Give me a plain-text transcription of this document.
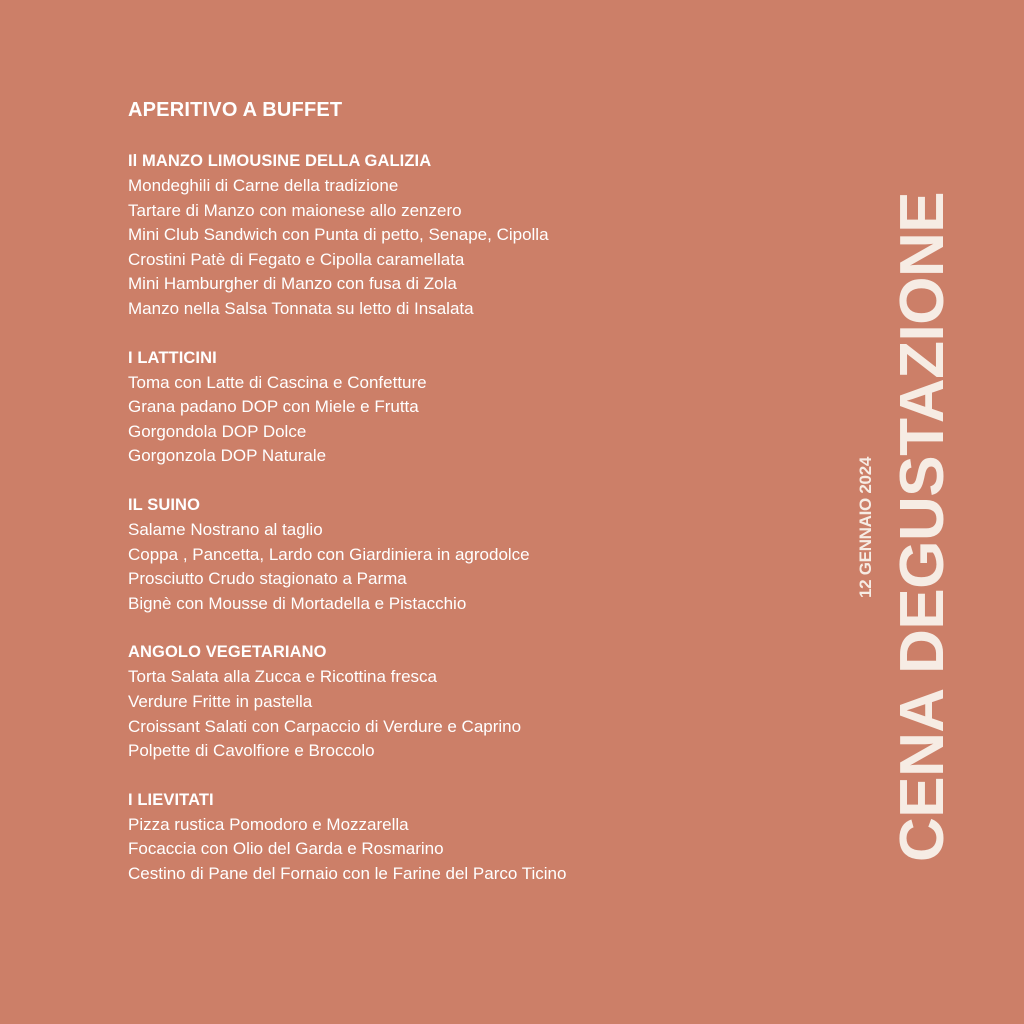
APERITIVO A BUFFET
Il MANZO LIMOUSINE DELLA GALIZIA
Mondeghili di Carne della tradizione
Tartare di Manzo con maionese allo zenzero
Mini Club Sandwich con Punta di petto, Senape, Cipolla
Crostini Patè di Fegato e Cipolla caramellata
Mini Hamburgher di Manzo con fusa di Zola
Manzo nella Salsa Tonnata su letto di Insalata
I LATTICINI
Toma con Latte di Cascina e Confetture
Grana padano DOP con Miele e Frutta
Gorgondola DOP Dolce
Gorgonzola DOP Naturale
IL SUINO
Salame Nostrano al taglio
Coppa , Pancetta, Lardo con Giardiniera in agrodolce
Prosciutto Crudo stagionato a Parma
Bignè con Mousse di Mortadella e Pistacchio
ANGOLO VEGETARIANO
Torta Salata alla Zucca e Ricottina fresca
Verdure Fritte in pastella
Croissant Salati con Carpaccio di Verdure e Caprino
Polpette di Cavolfiore e Broccolo
I LIEVITATI
Pizza rustica Pomodoro e Mozzarella
Focaccia con Olio del Garda e Rosmarino
Cestino di Pane del Fornaio con le Farine del Parco Ticino
CENA DEGUSTAZIONE
12 GENNAIO 2024
